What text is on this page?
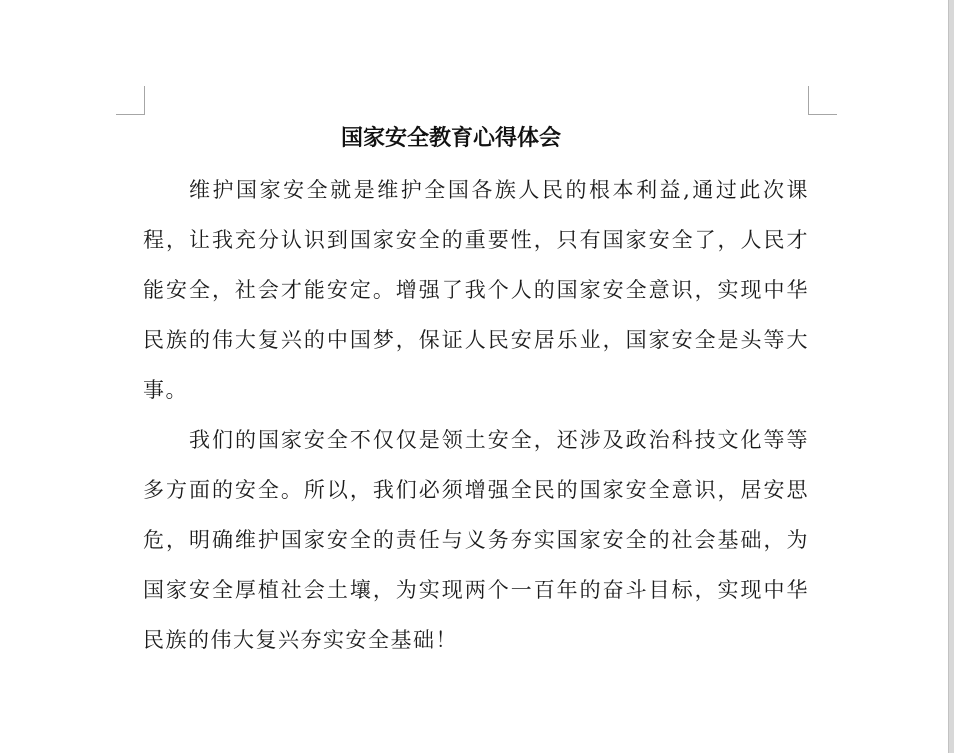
国家安全教育心得体会

维护国家安全就是维护全国各族人民的根本利益,通过此次课程，让我充分认识到国家安全的重要性，只有国家安全了，人民才能安全，社会才能安定。增强了我个人的国家安全意识，实现中华民族的伟大复兴的中国梦，保证人民安居乐业，国家安全是头等大事。

我们的国家安全不仅仅是领土安全，还涉及政治科技文化等等多方面的安全。所以，我们必须增强全民的国家安全意识，居安思危，明确维护国家安全的责任与义务夯实国家安全的社会基础，为国家安全厚植社会土壤，为实现两个一百年的奋斗目标，实现中华民族的伟大复兴夯实安全基础！
